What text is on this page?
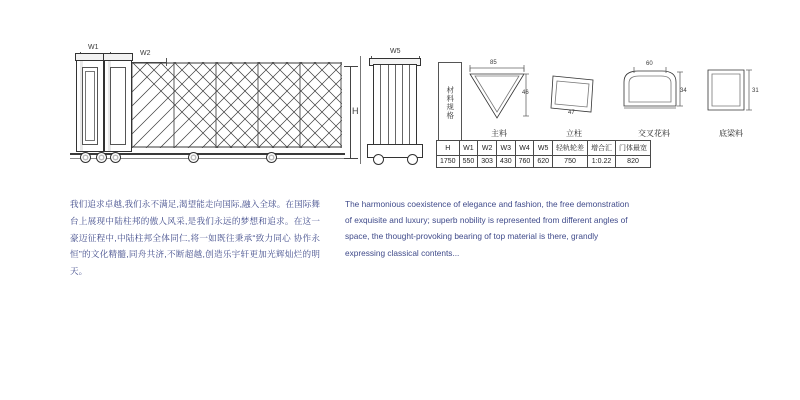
W1
W2	W5
H	材料规格
85
46
主料
47
立柱
60
34
交叉花料
31
底梁料
H	W1	W2	W3	W4	W5	轻轨轮差	增合汇	门体最宽
1750	550	303	430	760	620	750	1:0.22	820
我们追求卓越,我们永不满足,渴望能走向国际,融入全球。在国际舞台上展现中陆柱邦的傲人风采,是我们永远的梦想和追求。在这一豪迈征程中,中陆柱邦全体同仁,将一如既往秉承“致力同心 协作永恒”的文化精髓,同舟共济,不断超越,创造乐宇轩更加光辉灿烂的明天。
The harmonious coexistence of elegance and fashion, the free demonstration of exquisite and luxury; superb nobility is represented from different angles of space, the thought-provoking bearing of top material is there, grandly expressing classical contents...
